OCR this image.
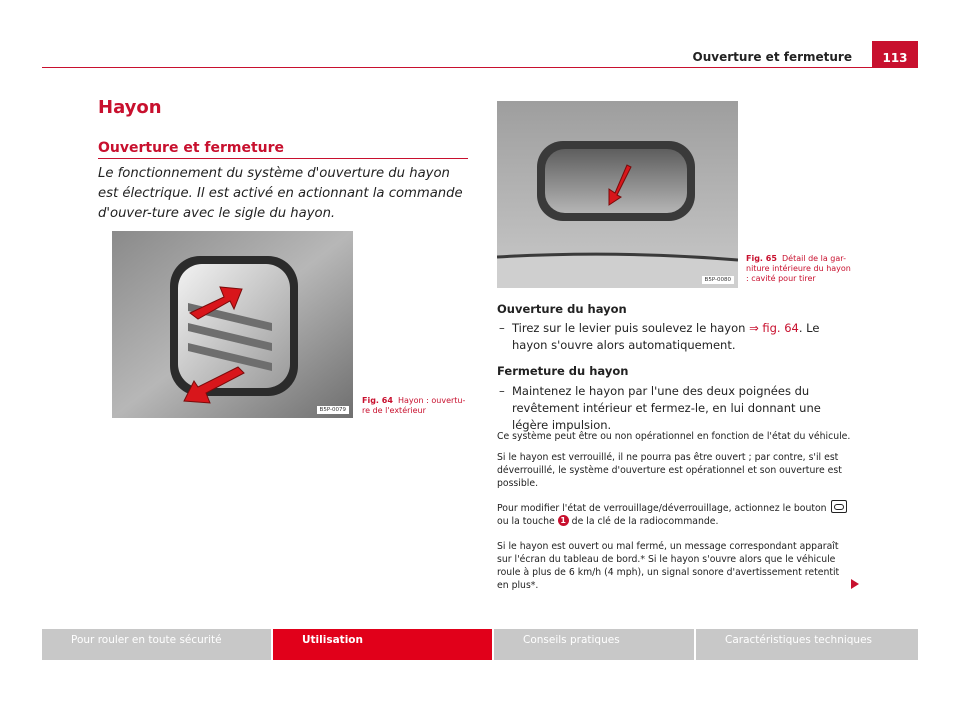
Ouverture et fermeture	113
Hayon
Ouverture et fermeture
Le fonctionnement du système d'ouverture du hayon est électrique. Il est activé en actionnant la commande d'ouver-ture avec le sigle du hayon.
B5P-0079
Fig. 64 Hayon : ouvertu-re de l'extérieur
B5P-0080
Fig. 65 Détail de la gar-niture intérieure du hayon : cavité pour tirer
Ouverture du hayon
– Tirez sur le levier puis soulevez le hayon ⇒ fig. 64. Le hayon s'ouvre alors automatiquement.
Fermeture du hayon
– Maintenez le hayon par l'une des deux poignées du revêtement intérieur et fermez-le, en lui donnant une légère impulsion.
Ce système peut être ou non opérationnel en fonction de l'état du véhicule.
Si le hayon est verrouillé, il ne pourra pas être ouvert ; par contre, s'il est déverrouillé, le système d'ouverture est opérationnel et son ouverture est possible.
Pour modifier l'état de verrouillage/déverrouillage, actionnez le bouton

ou la touche 1 de la clé de la radiocommande.
Si le hayon est ouvert ou mal fermé, un message correspondant apparaît sur l'écran du tableau de bord.* Si le hayon s'ouvre alors que le véhicule roule à plus de 6 km/h (4 mph), un signal sonore d'avertissement retentit en plus*.
Pour rouler en toute sécurité	Utilisation	Conseils pratiques	Caractéristiques techniques
